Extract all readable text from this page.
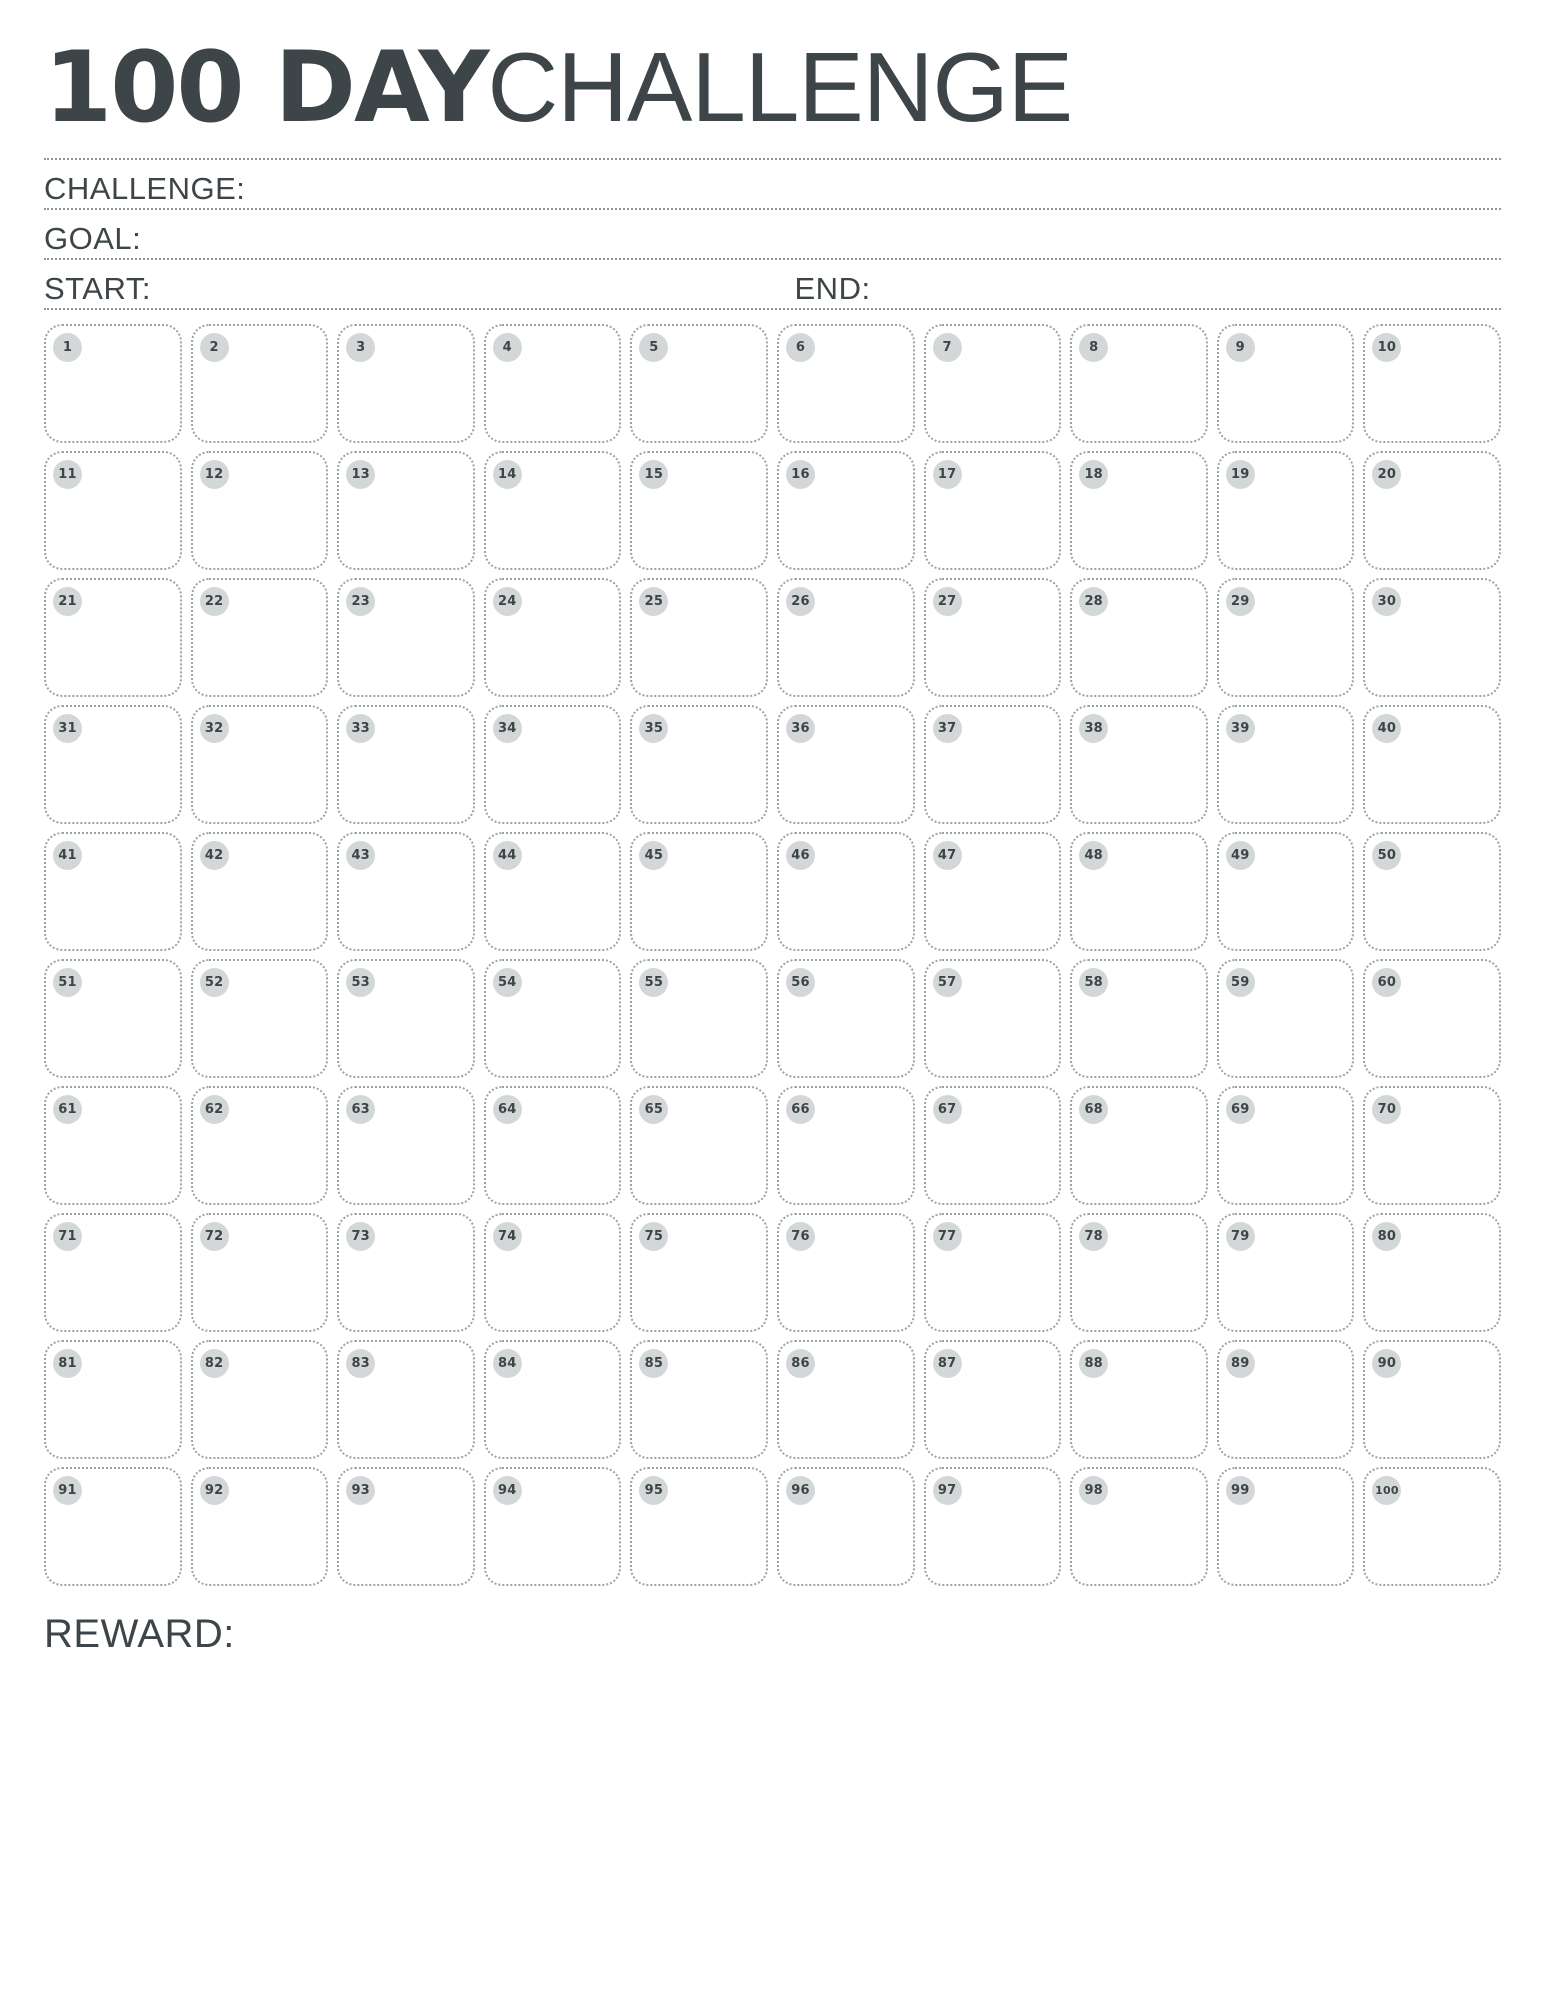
100 DAY CHALLENGE
CHALLENGE:
GOAL:
START:	END:
1	2	3	4	5	6	7	8	9	10
11	12	13	14	15	16	17	18	19	20
21	22	23	24	25	26	27	28	29	30
31	32	33	34	35	36	37	38	39	40
41	42	43	44	45	46	47	48	49	50
51	52	53	54	55	56	57	58	59	60
61	62	63	64	65	66	67	68	69	70
71	72	73	74	75	76	77	78	79	80
81	82	83	84	85	86	87	88	89	90
91	92	93	94	95	96	97	98	99	100
REWARD:
